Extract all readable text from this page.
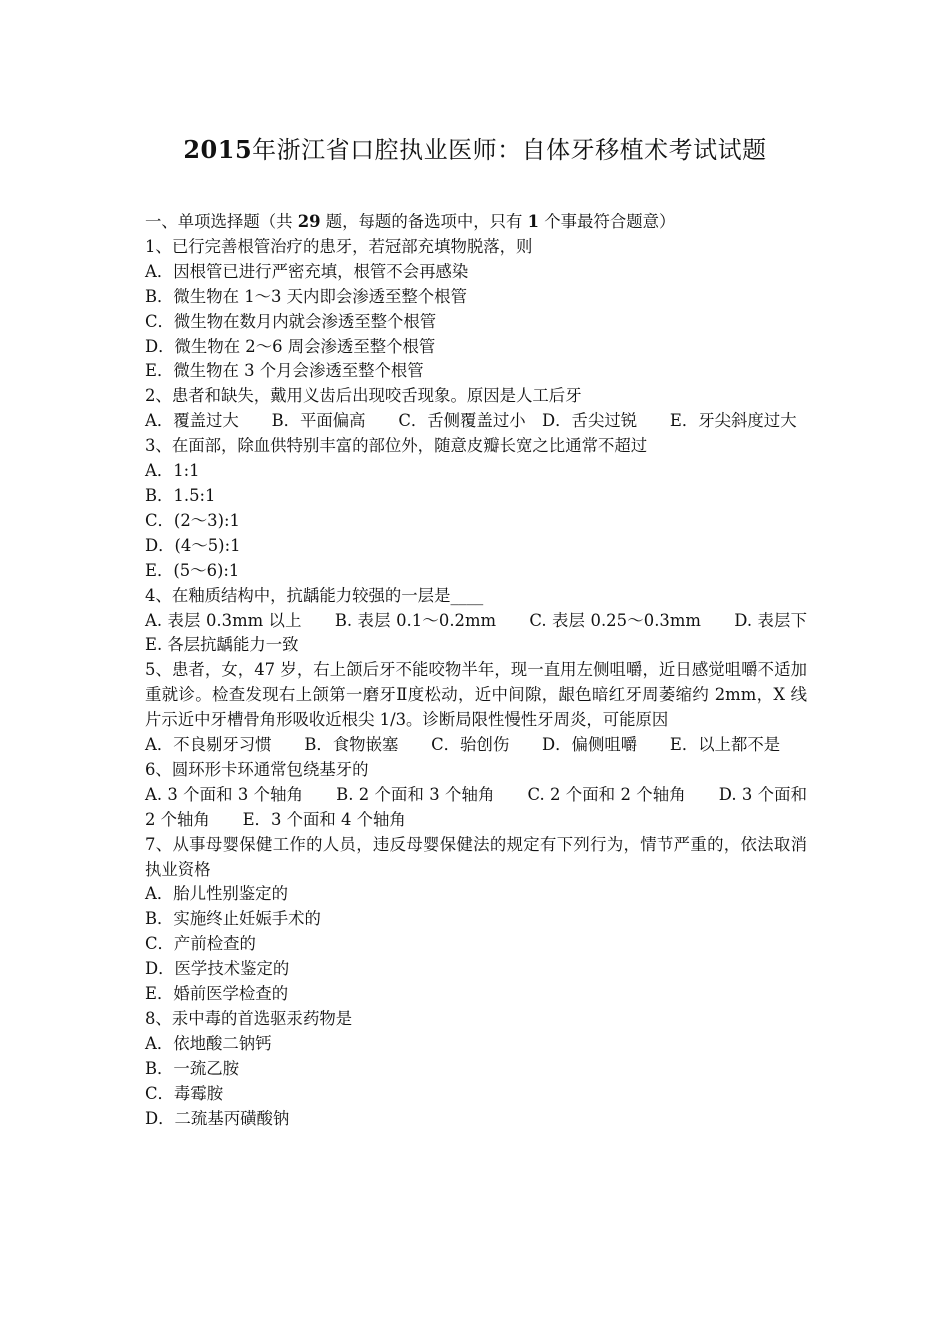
2015年浙江省口腔执业医师：自体牙移植术考试试题
一、单项选择题（共 29 题，每题的备选项中，只有 1 个事最符合题意）
1、已行完善根管治疗的患牙，若冠部充填物脱落，则
A．因根管已进行严密充填，根管不会再感染
B．微生物在 1～3 天内即会渗透至整个根管
C．微生物在数月内就会渗透至整个根管
D．微生物在 2～6 周会渗透至整个根管
E．微生物在 3 个月会渗透至整个根管
2、患者和缺失，戴用义齿后出现咬舌现象。原因是人工后牙
A．覆盖过大　　B．平面偏高　　C．舌侧覆盖过小　D．舌尖过锐　　E．牙尖斜度过大
3、在面部，除血供特别丰富的部位外，随意皮瓣长宽之比通常不超过
A．1:1
B．1.5:1
C．(2～3):1
D．(4～5):1
E．(5～6):1
4、在釉质结构中，抗龋能力较强的一层是____
A. 表层 0.3mm 以上　　B. 表层 0.1～0.2mm　　C. 表层 0.25～0.3mm　　D. 表层下　　E. 各层抗龋能力一致
5、患者，女，47 岁，右上颌后牙不能咬物半年，现一直用左侧咀嚼，近日感觉咀嚼不适加重就诊。检查发现右上颌第一磨牙Ⅱ度松动，近中间隙，龈色暗红牙周萎缩约 2mm，X 线片示近中牙槽骨角形吸收近根尖 1/3。诊断局限性慢性牙周炎，可能原因
A．不良剔牙习惯　　B．食物嵌塞　　C．骀创伤　　D．偏侧咀嚼　　E．以上都不是
6、圆环形卡环通常包绕基牙的
A. 3 个面和 3 个轴角　　B. 2 个面和 3 个轴角　　C. 2 个面和 2 个轴角　　D. 3 个面和 2 个轴角　　E．3 个面和 4 个轴角
7、从事母婴保健工作的人员，违反母婴保健法的规定有下列行为，情节严重的，依法取消执业资格
A．胎儿性别鉴定的
B．实施终止妊娠手术的
C．产前检查的
D．医学技术鉴定的
E．婚前医学检查的
8、汞中毒的首选驱汞药物是
A．依地酸二钠钙
B．一巯乙胺
C．毒霉胺
D．二巯基丙磺酸钠
